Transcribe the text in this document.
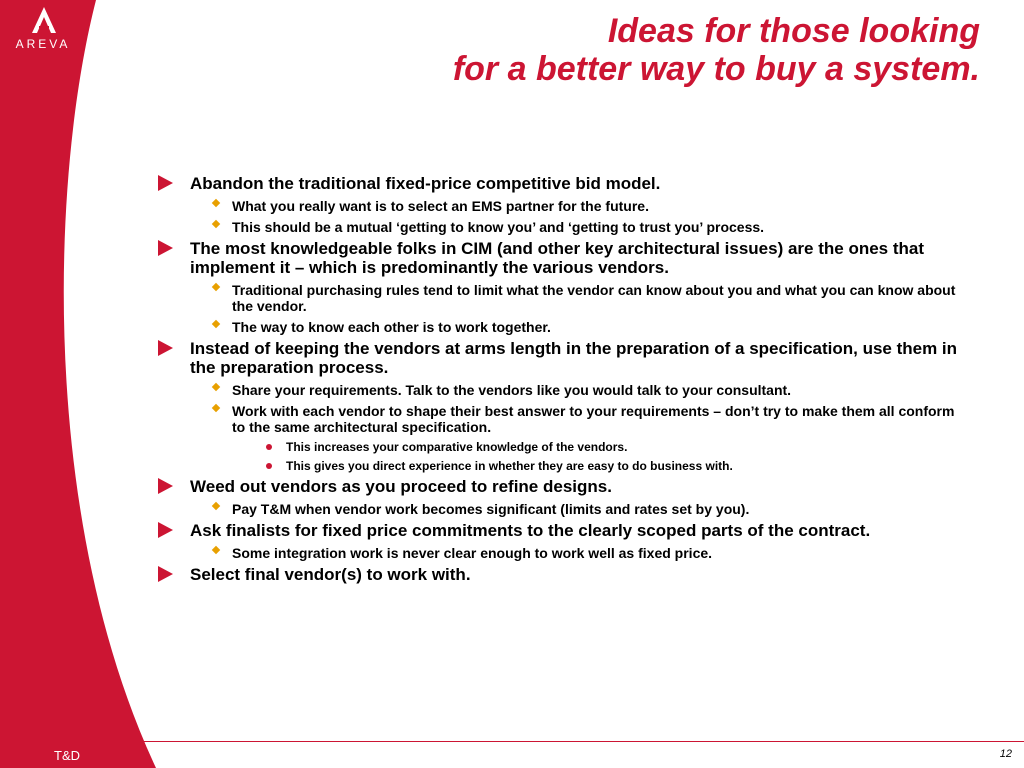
AREVA	Ideas for those looking
for a better way to buy a system.
Abandon the traditional fixed-price competitive bid model.
What you really want is to select an EMS partner for the future.
This should be a mutual ‘getting to know you’ and ‘getting to trust you’ process.
The most knowledgeable folks in CIM (and other key architectural issues) are the ones that implement it – which is predominantly the various vendors.
Traditional purchasing rules tend to limit what the vendor can know about you and what you can know about the vendor.
The way to know each other is to work together.
Instead of keeping the vendors at arms length in the preparation of a specification, use them in the preparation process.
Share your requirements. Talk to the vendors like you would talk to your consultant.
Work with each vendor to shape their best answer to your requirements – don’t try to make them all conform to the same architectural specification.
This increases your comparative knowledge of the vendors.
This gives you direct experience in whether they are easy to do business with.
Weed out vendors as you proceed to refine designs.
Pay T&M when vendor work becomes significant (limits and rates set by you).
Ask finalists for fixed price commitments to the clearly scoped parts of the contract.
Some integration work is never clear enough to work well as fixed price.
Select final vendor(s) to work with.
T&D	12
